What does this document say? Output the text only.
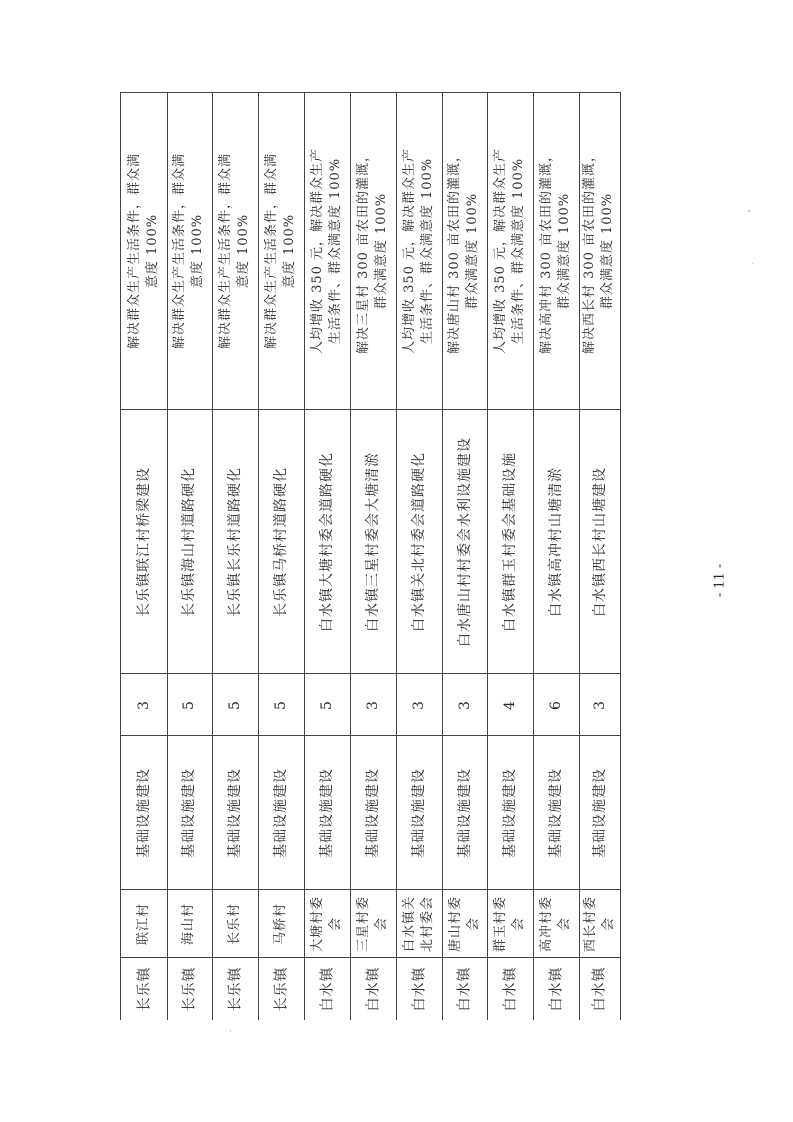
解决群众生产生活条件，群众满 意度 100%
长乐镇联江村桥梁建设
3
基础设施建设
联江村
长乐镇
解决群众生产生活条件，群众满 意度 100%
长乐镇海山村道路硬化
5
基础设施建设
海山村
长乐镇
解决群众生产生活条件，群众满 意度 100%
长乐镇长乐村道路硬化
5
基础设施建设
长乐村
长乐镇
解决群众生产生活条件，群众满 意度 100%
长乐镇马桥村道路硬化
5
基础设施建设
马桥村
长乐镇
人均增收 350 元，解决群众生产 生活条件、群众满意度 100%
白水镇大塘村委会道路硬化
5
基础设施建设
大塘村委 会
白水镇
解决三星村 300 亩农田的灌溉， 群众满意度 100%
白水镇三星村委会大塘清淤
3
基础设施建设
三星村委 会
白水镇
人均增收 350 元，解决群众生产 生活条件、群众满意度 100%
白水镇关北村委会道路硬化
3
基础设施建设
白水镇关 北村委会
白水镇
解决唐山村 300 亩农田的灌溉， 群众满意度 100%
白水唐山村村委会水利设施建设
3
基础设施建设
唐山村委 会
白水镇
人均增收 350 元，解决群众生产 生活条件、群众满意度 100%
白水镇群玉村委会基础设施
4
基础设施建设
群玉村委 会
白水镇
解决高冲村 300 亩农田的灌溉， 群众满意度 100%
白水镇高冲村山塘清淤
6
基础设施建设
高冲村委 会
白水镇
解决西长村 300 亩农田的灌溉， 群众满意度 100%
白水镇西长村山塘建设
3
基础设施建设
西长村委 会
白水镇
- 11 -
